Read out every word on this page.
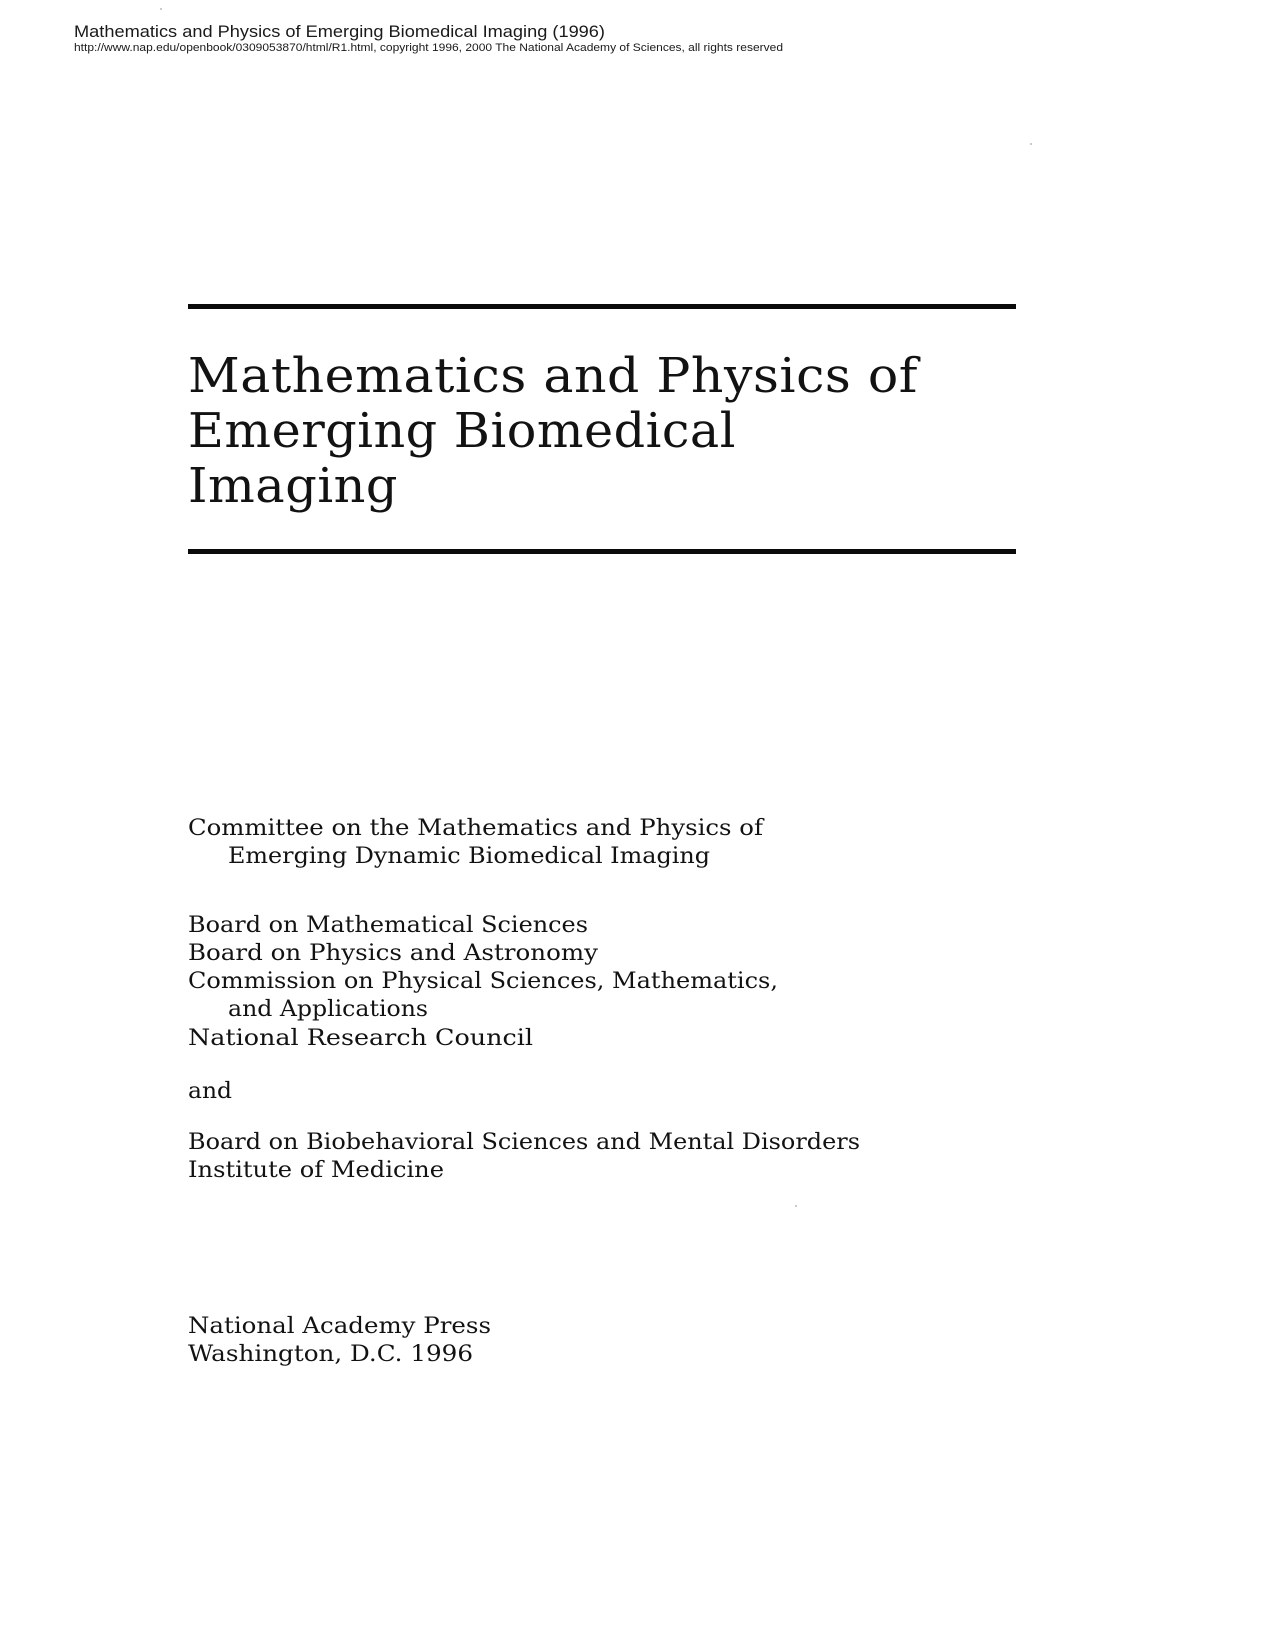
Mathematics and Physics of Emerging Biomedical Imaging (1996)
http://www.nap.edu/openbook/0309053870/html/R1.html, copyright 1996, 2000 The National Academy of Sciences, all rights reserved
Mathematics and Physics of
Emerging Biomedical
Imaging
Committee on the Mathematics and Physics of
Emerging Dynamic Biomedical Imaging
Board on Mathematical Sciences
Board on Physics and Astronomy
Commission on Physical Sciences, Mathematics,
and Applications
National Research Council
and
Board on Biobehavioral Sciences and Mental Disorders
Institute of Medicine
National Academy Press
Washington, D.C. 1996
